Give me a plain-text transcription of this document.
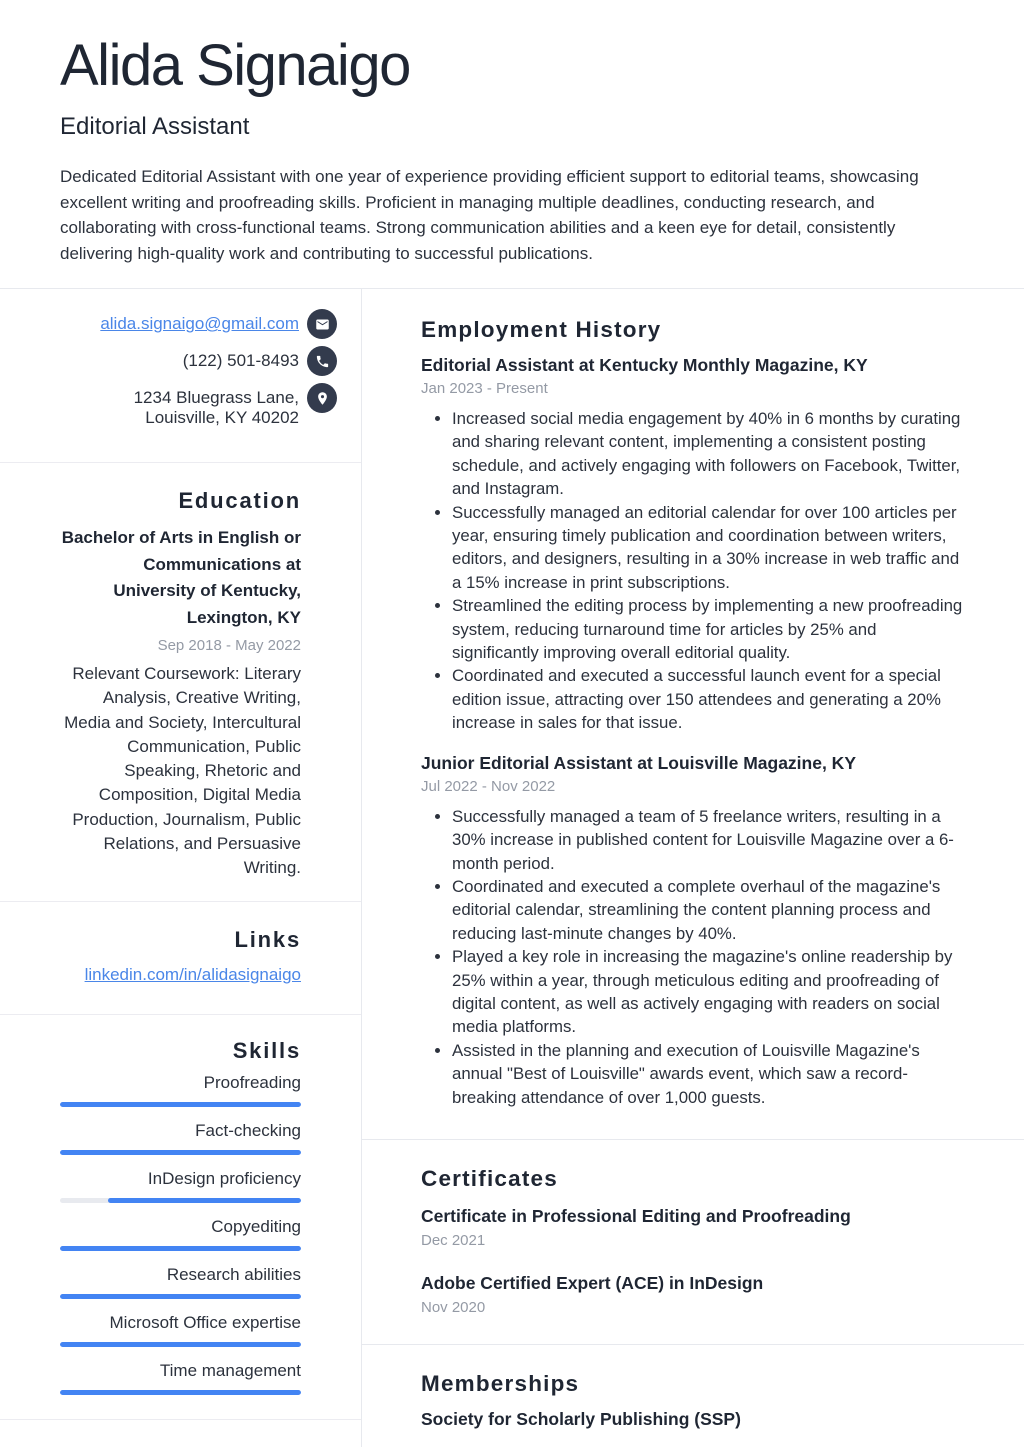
Alida Signaigo
Editorial Assistant
Dedicated Editorial Assistant with one year of experience providing efficient support to editorial teams, showcasing excellent writing and proofreading skills. Proficient in managing multiple deadlines, conducting research, and collaborating with cross-functional teams. Strong communication abilities and a keen eye for detail, consistently delivering high-quality work and contributing to successful publications.
alida.signaigo@gmail.com
(122) 501-8493
1234 Bluegrass Lane, Louisville, KY 40202
Education
Bachelor of Arts in English or Communications at University of Kentucky, Lexington, KY
Sep 2018 - May 2022
Relevant Coursework: Literary Analysis, Creative Writing, Media and Society, Intercultural Communication, Public Speaking, Rhetoric and Composition, Digital Media Production, Journalism, Public Relations, and Persuasive Writing.
Links
linkedin.com/in/alidasignaigo
Skills
Proofreading
Fact-checking
InDesign proficiency
Copyediting
Research abilities
Microsoft Office expertise
Time management
Employment History
Editorial Assistant at Kentucky Monthly Magazine, KY
Jan 2023 - Present
• Increased social media engagement by 40% in 6 months by curating and sharing relevant content, implementing a consistent posting schedule, and actively engaging with followers on Facebook, Twitter, and Instagram.
• Successfully managed an editorial calendar for over 100 articles per year, ensuring timely publication and coordination between writers, editors, and designers, resulting in a 30% increase in web traffic and a 15% increase in print subscriptions.
• Streamlined the editing process by implementing a new proofreading system, reducing turnaround time for articles by 25% and significantly improving overall editorial quality.
• Coordinated and executed a successful launch event for a special edition issue, attracting over 150 attendees and generating a 20% increase in sales for that issue.
Junior Editorial Assistant at Louisville Magazine, KY
Jul 2022 - Nov 2022
• Successfully managed a team of 5 freelance writers, resulting in a 30% increase in published content for Louisville Magazine over a 6-month period.
• Coordinated and executed a complete overhaul of the magazine's editorial calendar, streamlining the content planning process and reducing last-minute changes by 40%.
• Played a key role in increasing the magazine's online readership by 25% within a year, through meticulous editing and proofreading of digital content, as well as actively engaging with readers on social media platforms.
• Assisted in the planning and execution of Louisville Magazine's annual "Best of Louisville" awards event, which saw a record-breaking attendance of over 1,000 guests.
Certificates
Certificate in Professional Editing and Proofreading
Dec 2021
Adobe Certified Expert (ACE) in InDesign
Nov 2020
Memberships
Society for Scholarly Publishing (SSP)
